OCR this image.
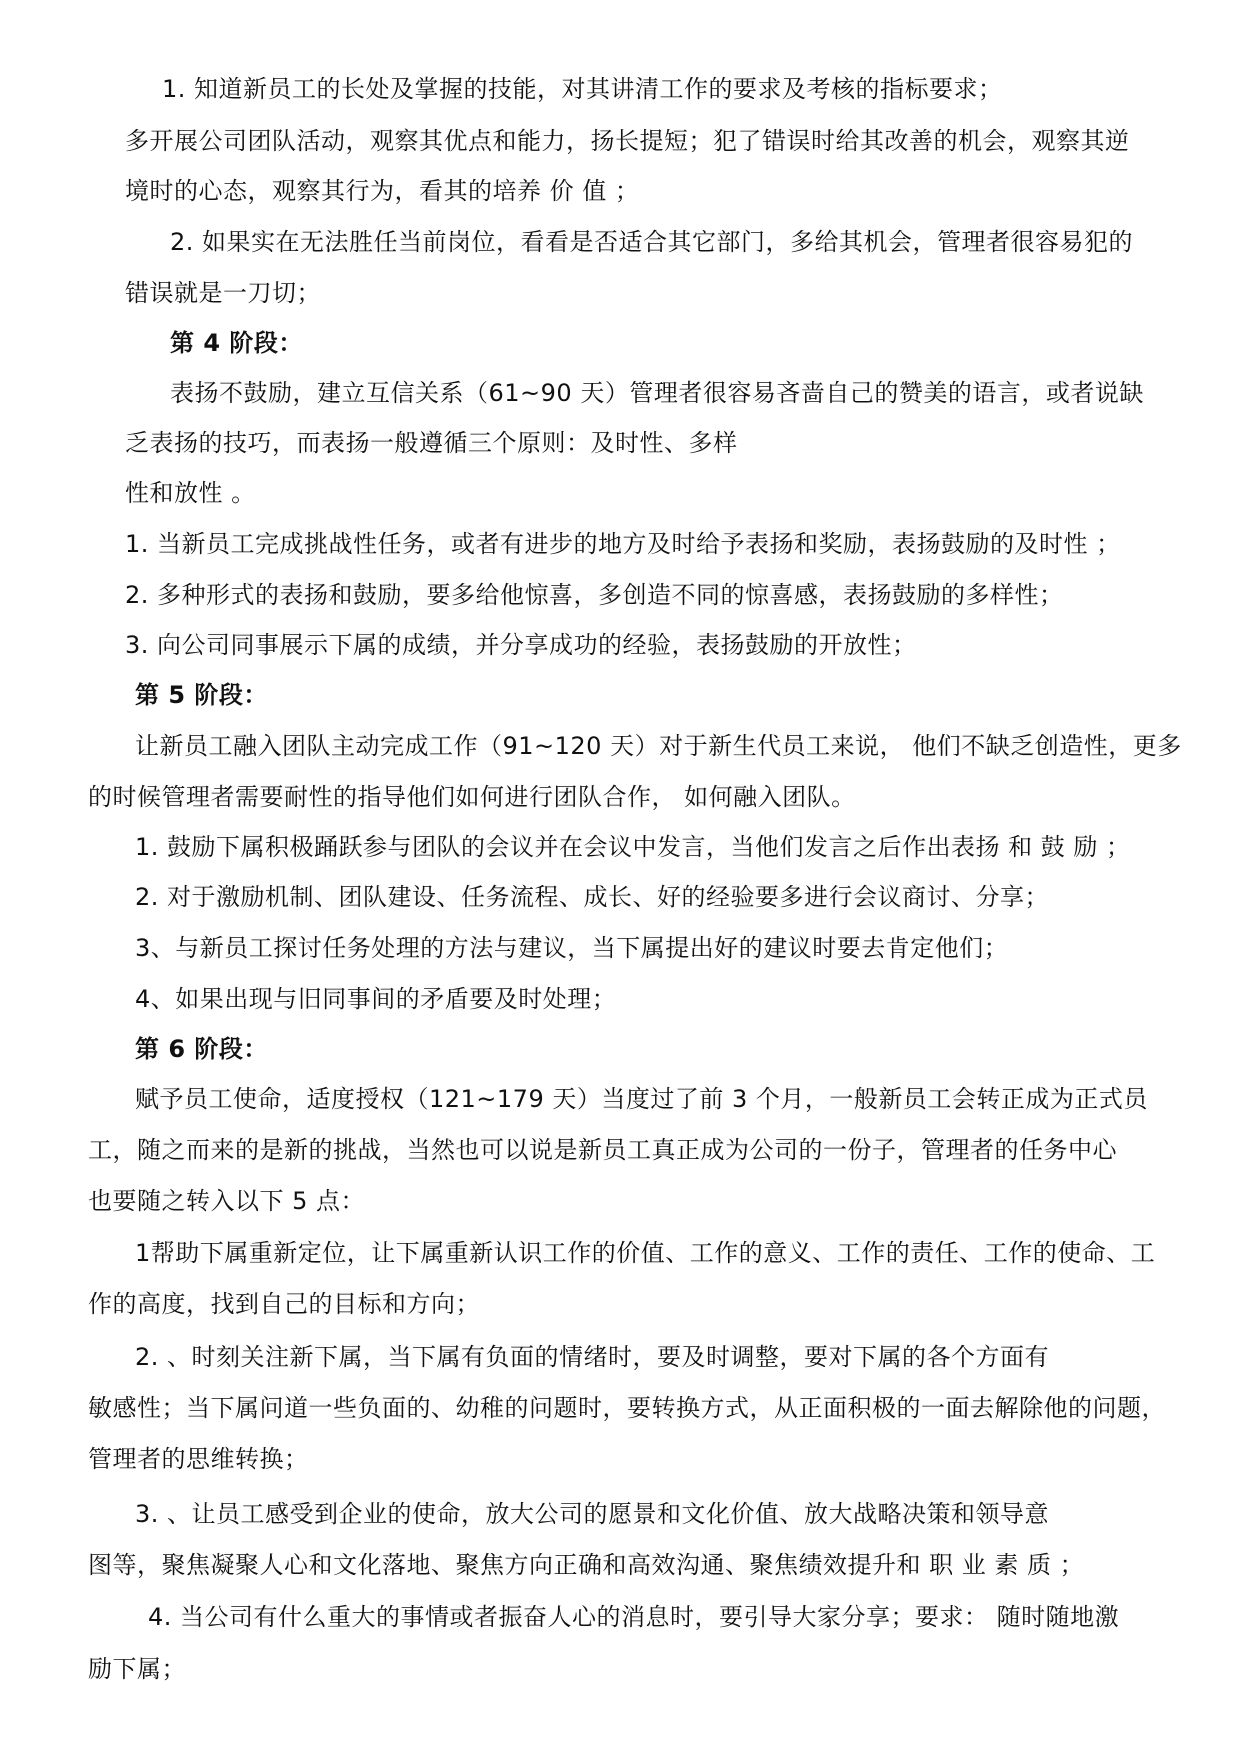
1. 知道新员工的长处及掌握的技能，对其讲清工作的要求及考核的指标要求；
多开展公司团队活动，观察其优点和能力，扬长提短；犯了错误时给其改善的机会，观察其逆
境时的心态，观察其行为，看其的培养 价 值 ；
2. 如果实在无法胜任当前岗位，看看是否适合其它部门，多给其机会，管理者很容易犯的
错误就是一刀切；
第 4 阶段：
表扬不鼓励，建立互信关系（61~90 天）管理者很容易吝啬自己的赞美的语言，或者说缺
乏表扬的技巧，而表扬一般遵循三个原则：及时性、多样
性和放性 。
1. 当新员工完成挑战性任务，或者有进步的地方及时给予表扬和奖励，表扬鼓励的及时性 ；
2. 多种形式的表扬和鼓励，要多给他惊喜，多创造不同的惊喜感，表扬鼓励的多样性；
3. 向公司同事展示下属的成绩，并分享成功的经验，表扬鼓励的开放性；
第 5 阶段：
让新员工融入团队主动完成工作（91~120 天）对于新生代员工来说， 他们不缺乏创造性，更多
的时候管理者需要耐性的指导他们如何进行团队合作， 如何融入团队。
1. 鼓励下属积极踊跃参与团队的会议并在会议中发言，当他们发言之后作出表扬 和 鼓 励 ；
2. 对于激励机制、团队建设、任务流程、成长、好的经验要多进行会议商讨、分享；
3、与新员工探讨任务处理的方法与建议，当下属提出好的建议时要去肯定他们；
4、如果出现与旧同事间的矛盾要及时处理；
第 6 阶段：
赋予员工使命，适度授权（121~179 天）当度过了前 3 个月，一般新员工会转正成为正式员
工，随之而来的是新的挑战，当然也可以说是新员工真正成为公司的一份子，管理者的任务中心
也要随之转入以下 5 点：
1帮助下属重新定位，让下属重新认识工作的价值、工作的意义、工作的责任、工作的使命、工
作的高度，找到自己的目标和方向；
2. 、时刻关注新下属，当下属有负面的情绪时，要及时调整，要对下属的各个方面有
敏感性；当下属问道一些负面的、幼稚的问题时，要转换方式，从正面积极的一面去解除他的问题，
管理者的思维转换；
3. 、让员工感受到企业的使命，放大公司的愿景和文化价值、放大战略决策和领导意
图等，聚焦凝聚人心和文化落地、聚焦方向正确和高效沟通、聚焦绩效提升和 职 业 素 质 ；
4. 当公司有什么重大的事情或者振奋人心的消息时，要引导大家分享；要求： 随时随地激
励下属；
